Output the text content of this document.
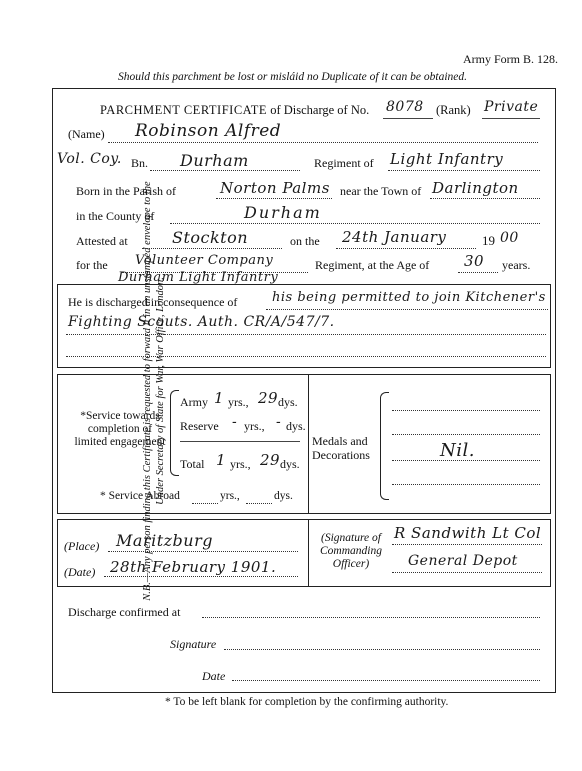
N.B.—Any person finding this Certificate is requested to forward it in an unstamped envelope to the Under Secretary of State for War, War Office, London.
Army Form B. 128.
Should this parchment be lost or misláid no Duplicate of it can be obtained.
PARCHMENT CERTIFICATE of Discharge of No. 8078 (Rank) Private
(Name) Robinson Alfred
Vol. Coy. Bn. Durham	Regiment of Light Infantry
Born in the Parish of	Norton Palms near the Town of Darlington
in the County of	Durham
Attested at	Stockton	on the 24th January	19 00
for the Volunteer Company	Regiment, at the Age of 30 years.
Durham Light Infantry
He is discharged in consequence of	his being permitted to join Kitchener's
Fighting Scouts. Auth. CR/A/547/7.
*Service towards
completion of
limited engagement
Army 1 yrs., 29 dys.
Reserve - yrs., - dys.
Total 1 yrs., 29 dys.
* Service Abroad	yrs.,	dys.
Medals and
Decorations	Nil.
(Place) Maritzburg
(Date) 28th February 1901.
(Signature of
Commanding
Officer)
R Sandwith Lt Col
General Depot
Discharge confirmed at
Signature
Date
* To be left blank for completion by the confirming authority.
